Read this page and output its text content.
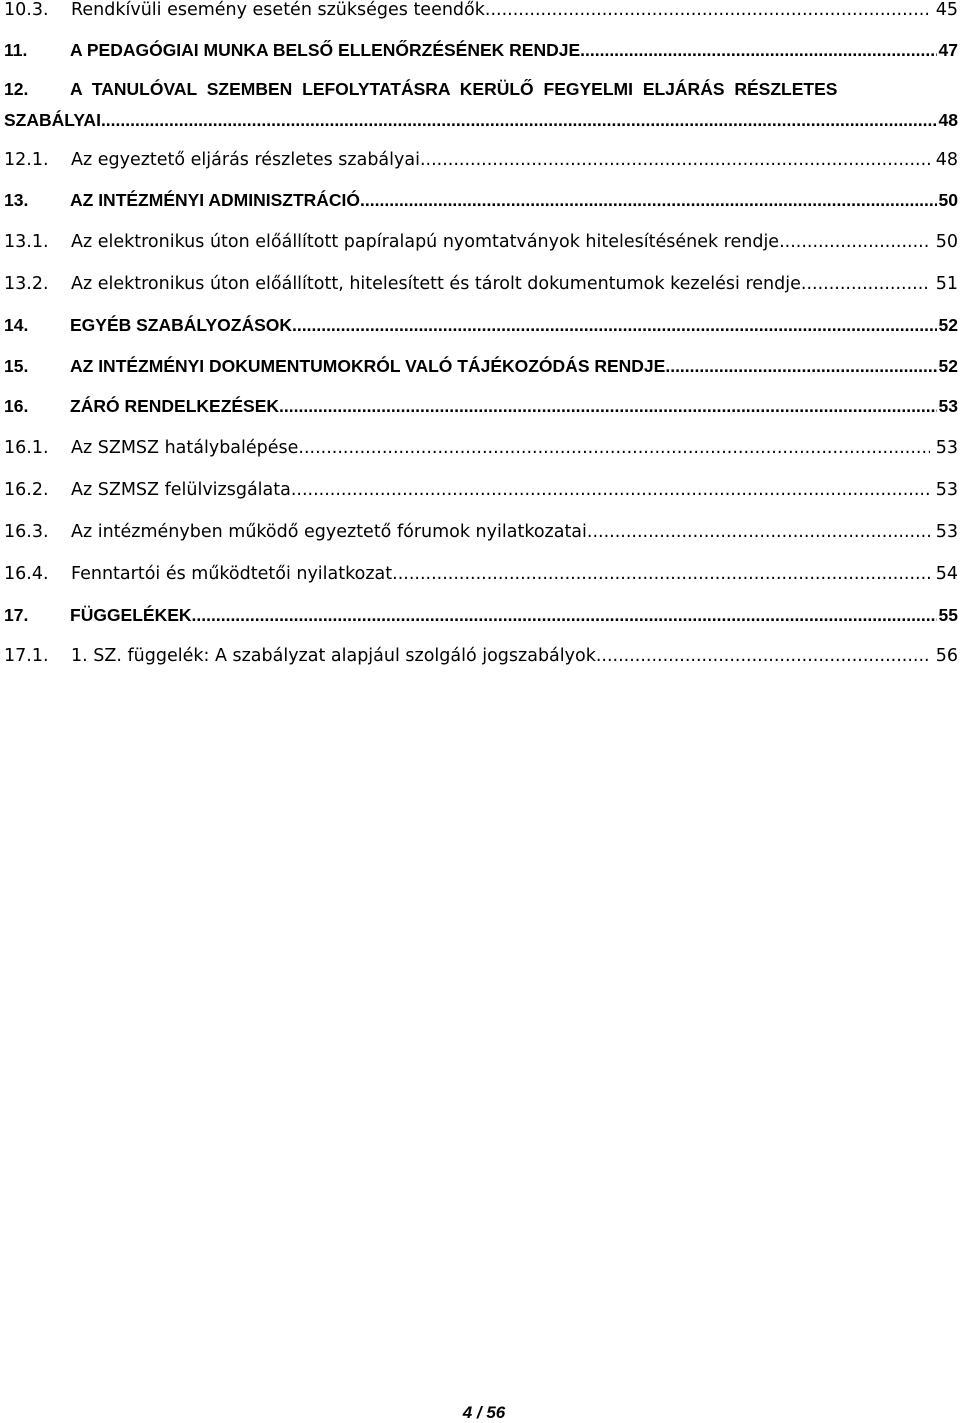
10.3.	Rendkívüli esemény esetén szükséges teendők .....	45
11.	A PEDAGÓGIAI MUNKA BELSŐ ELLENŐRZÉSÉNEK RENDJE .....	47
12.	A TANULÓVAL SZEMBEN LEFOLYTATÁSRA KERÜLŐ FEGYELMI ELJÁRÁS RÉSZLETES
SZABÁLYAI .....	48
12.1.	Az egyeztető eljárás részletes szabályai .....	48
13.	AZ INTÉZMÉNYI ADMINISZTRÁCIÓ .....	50
13.1.	Az elektronikus úton előállított papíralapú nyomtatványok hitelesítésének rendje .....	50
13.2.	Az elektronikus úton előállított, hitelesített és tárolt dokumentumok kezelési rendje .....	51
14.	EGYÉB SZABÁLYOZÁSOK .....	52
15.	AZ INTÉZMÉNYI DOKUMENTUMOKRÓL VALÓ TÁJÉKOZÓDÁS RENDJE .....	52
16.	ZÁRÓ RENDELKEZÉSEK .....	53
16.1.	Az SZMSZ hatálybalépése .....	53
16.2.	Az SZMSZ felülvizsgálata .....	53
16.3.	Az intézményben működő egyeztető fórumok nyilatkozatai .....	53
16.4.	Fenntartói és működtetői nyilatkozat .....	54
17.	FÜGGELÉKEK .....	55
17.1.	1. SZ. függelék: A szabályzat alapjául szolgáló jogszabályok .....	56
4 / 56
